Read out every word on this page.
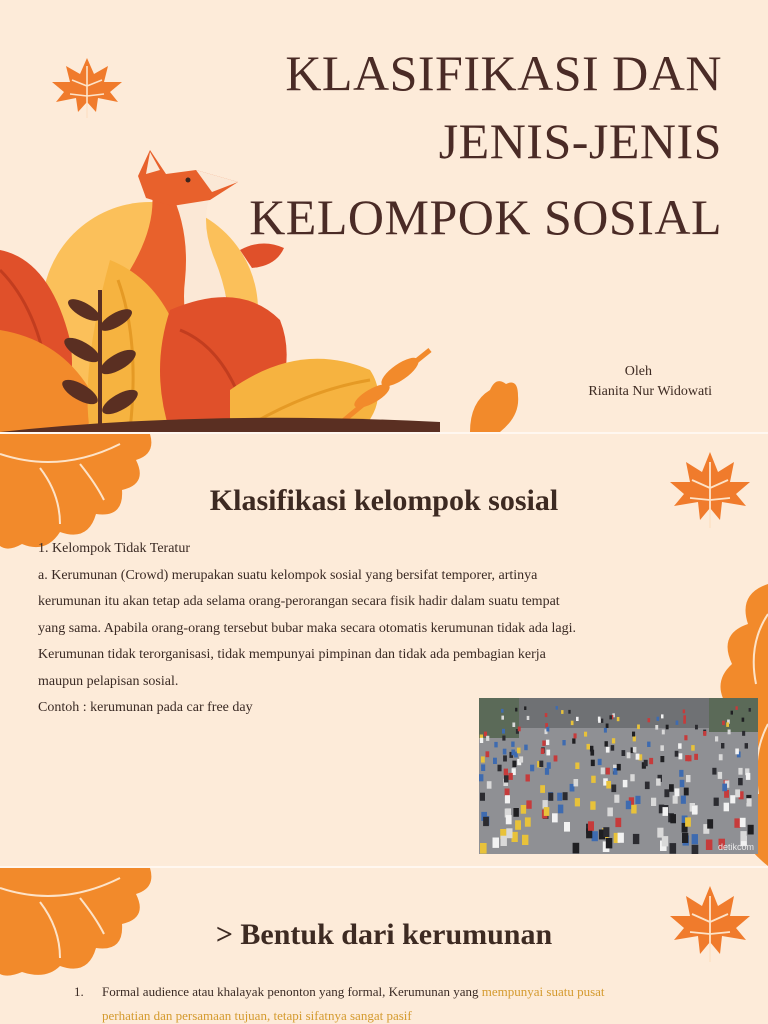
KLASIFIKASI DAN
JENIS-JENIS
KELOMPOK SOSIAL
Oleh
Rianita Nur Widowati
Klasifikasi kelompok sosial

1. Kelompok Tidak Teratur

a. Kerumunan (Crowd) merupakan suatu kelompok sosial yang bersifat temporer, artinya

kerumunan itu akan tetap ada selama orang-perorangan secara fisik hadir dalam suatu tempat

yang sama. Apabila orang-orang tersebut bubar maka secara otomatis kerumunan tidak ada lagi.

Kerumunan tidak terorganisasi, tidak mempunyai pimpinan dan tidak ada pembagian kerja

maupun pelapisan sosial.

Contoh : kerumunan pada car free day

detikcom
> Bentuk dari kerumunan
1. Formal audience atau khalayak penonton yang formal, Kerumunan yang mempunyai suatu pusat
perhatian dan persamaan tujuan, tetapi sifatnya sangat pasif
